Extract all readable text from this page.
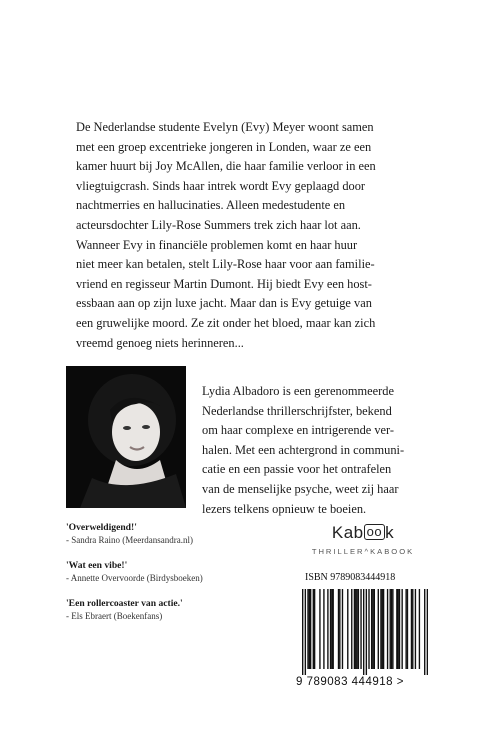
De Nederlandse studente Evelyn (Evy) Meyer woont samen
met een groep excentrieke jongeren in Londen, waar ze een
kamer huurt bij Joy McAllen, die haar familie verloor in een
vliegtuigcrash. Sinds haar intrek wordt Evy geplaagd door
nachtmerries en hallucinaties. Alleen medestudente en
acteursdochter Lily-Rose Summers trek zich haar lot aan.
Wanneer Evy in financiële problemen komt en haar huur
niet meer kan betalen, stelt Lily-Rose haar voor aan familie-
vriend en regisseur Martin Dumont. Hij biedt Evy een host-
essbaan aan op zijn luxe jacht. Maar dan is Evy getuige van
een gruwelijke moord. Ze zit onder het bloed, maar kan zich
vreemd genoeg niets herinneren...
Lydia Albadoro is een gerenommeerde
Nederlandse thrillerschrijfster, bekend
om haar complexe en intrigerende ver-
halen. Met een achtergrond in communi-
catie en een passie voor het ontrafelen
van de menselijke psyche, weet zij haar
lezers telkens opnieuw te boeien.
'Overweldigend!'
- Sandra Raino (Meerdansandra.nl)
'Wat een vibe!'
- Annette Overvoorde (Birdysboeken)
'Een rollercoaster van actie.'
- Els Ebraert (Boekenfans)
Kab oo k
THRILLER^KABOOK
ISBN 9789083444918
9 789083 444918 >
